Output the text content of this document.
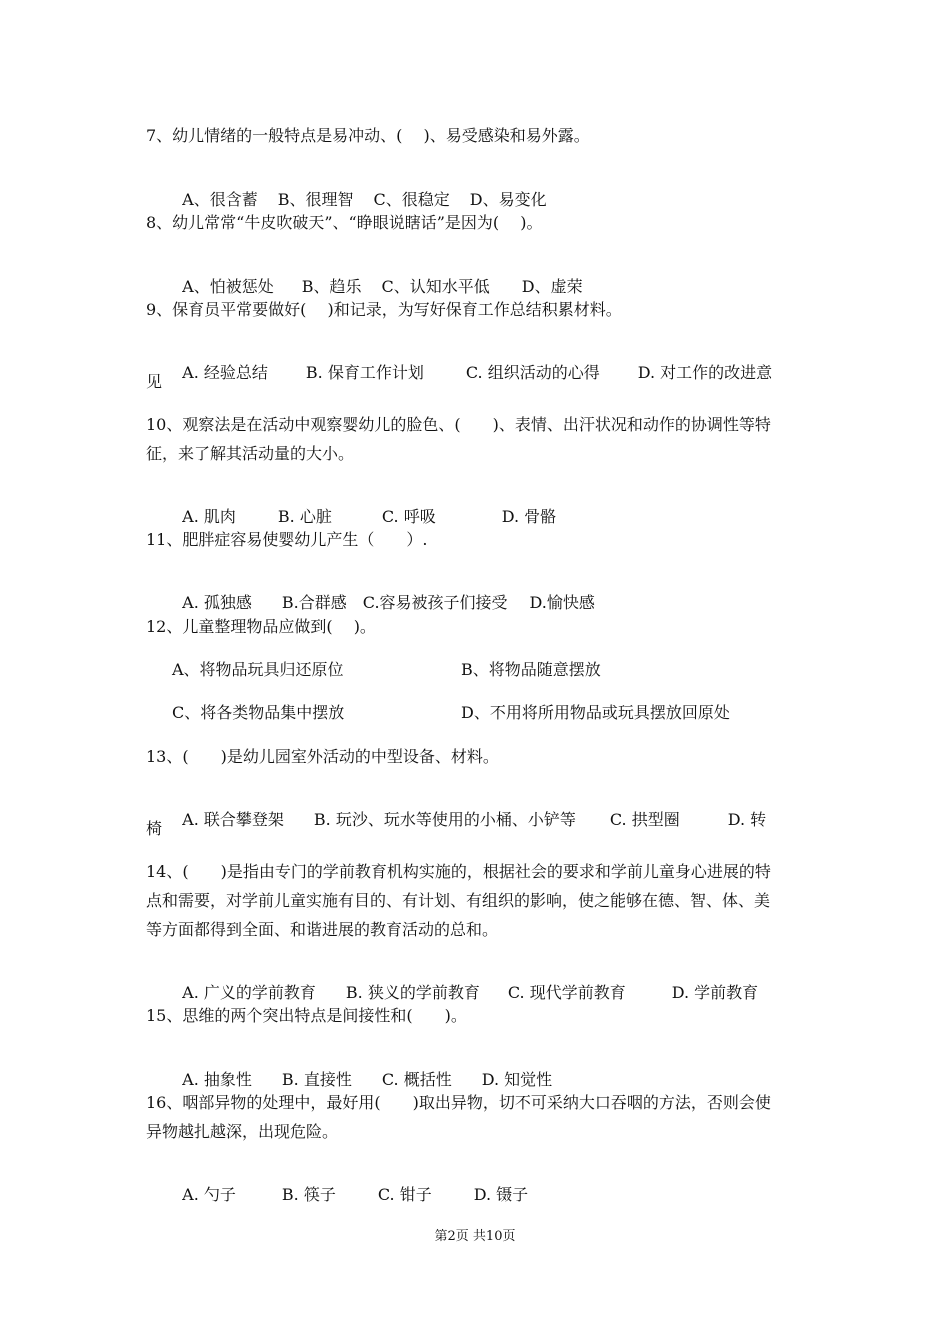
7、幼儿情绪的一般特点是易冲动、(　 )、易受感染和易外露。

A、很含蓄 B、很理智 C、很稳定 D、易变化

8、幼儿常常“牛皮吹破天”、“睁眼说瞎话”是因为(　 )。

A、怕被惩处 B、趋乐 C、认知水平低 D、虚荣

9、保育员平常要做好(　 )和记录，为写好保育工作总结积累材料。

A. 经验总结 B. 保育工作计划	C. 组织活动的心得 D. 对工作的改进意

见
10、观察法是在活动中观察婴幼儿的脸色、(　　)、表情、出汗状况和动作的协调性等特
征，来了解其活动量的大小。

A. 肌肉	B. 心脏	C. 呼吸	D. 骨骼

11、肥胖症容易使婴幼儿产生（　　）.

A. 孤独感 B.合群感 C.容易被孩子们接受 D.愉快感

12、儿童整理物品应做到(　 )。
A、将物品玩具归还原位	B、将物品随意摆放
C、将各类物品集中摆放	D、不用将所用物品或玩具摆放回原处
13、(　　)是幼儿园室外活动的中型设备、材料。

A. 联合攀登架 B. 玩沙、玩水等使用的小桶、小铲等 C. 拱型圈	D. 转

椅
14、(　　)是指由专门的学前教育机构实施的，根据社会的要求和学前儿童身心进展的特
点和需要，对学前儿童实施有目的、有计划、有组织的影响，使之能够在德、智、体、美
等方面都得到全面、和谐进展的教育活动的总和。

A. 广义的学前教育 B. 狭义的学前教育 C. 现代学前教育	D. 学前教育

15、思维的两个突出特点是间接性和(　　)。

A. 抽象性 B. 直接性 C. 概括性 D. 知觉性

16、咽部异物的处理中，最好用(　　)取出异物，切不可采纳大口吞咽的方法，否则会使
异物越扎越深，出现危险。

A. 勺子	B. 筷子	C. 钳子	D. 镊子

第2页 共10页
